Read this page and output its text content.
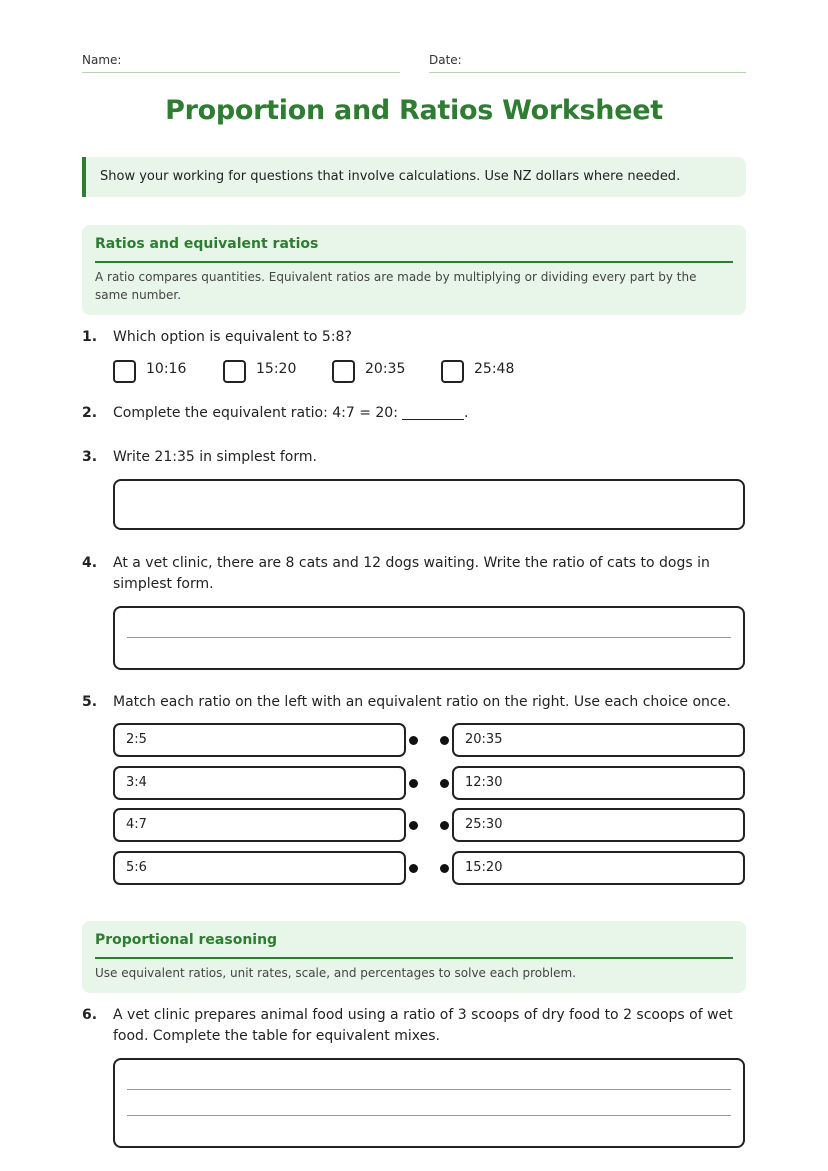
Name:	Date:
Proportion and Ratios Worksheet
Show your working for questions that involve calculations. Use NZ dollars where needed.
Ratios and equivalent ratios
A ratio compares quantities. Equivalent ratios are made by multiplying or dividing every part by the same number.
1. Which option is equivalent to 5:8?
10:16	15:20	20:35	25:48
2. Complete the equivalent ratio: 4:7 = 20:	.
3. Write 21:35 in simplest form.
4. At a vet clinic, there are 8 cats and 12 dogs waiting. Write the ratio of cats to dogs in simplest form.
5. Match each ratio on the left with an equivalent ratio on the right. Use each choice once.
2:5	20:35
3:4	12:30
4:7	25:30
5:6	15:20
Proportional reasoning
Use equivalent ratios, unit rates, scale, and percentages to solve each problem.
6. A vet clinic prepares animal food using a ratio of 3 scoops of dry food to 2 scoops of wet food. Complete the table for equivalent mixes.
